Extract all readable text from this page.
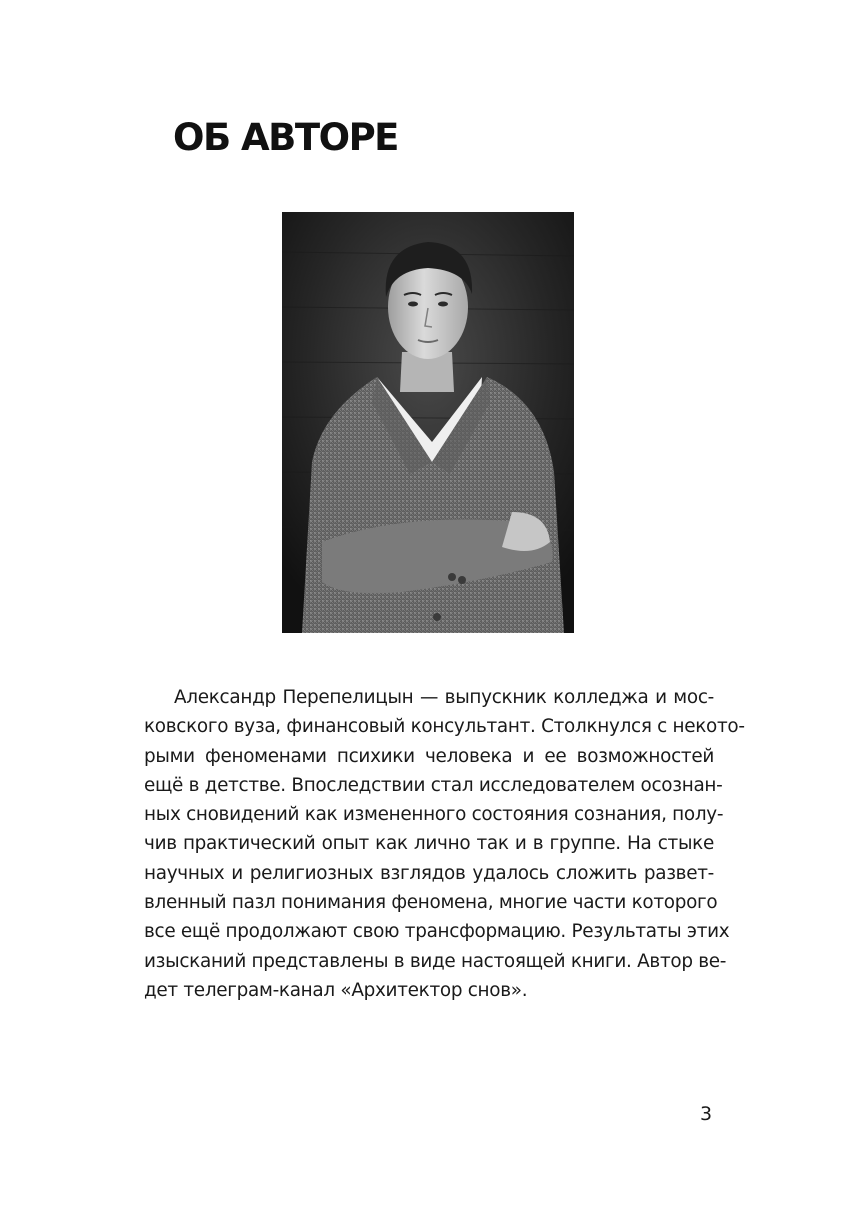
ОБ АВТОРЕ
Александр Перепелицын — выпускник колледжа и мос-
ковского вуза, финансовый консультант. Столкнулся с некото-
рыми феноменами психики человека и ее возможностей
ещё в детстве. Впоследствии стал исследователем осознан-
ных сновидений как измененного состояния сознания, полу-
чив практический опыт как лично так и в группе. На стыке
научных и религиозных взглядов удалось сложить развет-
вленный пазл понимания феномена, многие части которого
все ещё продолжают свою трансформацию. Результаты этих
изысканий представлены в виде настоящей книги. Автор ве-
дет телеграм-канал «Архитектор снов».
3
